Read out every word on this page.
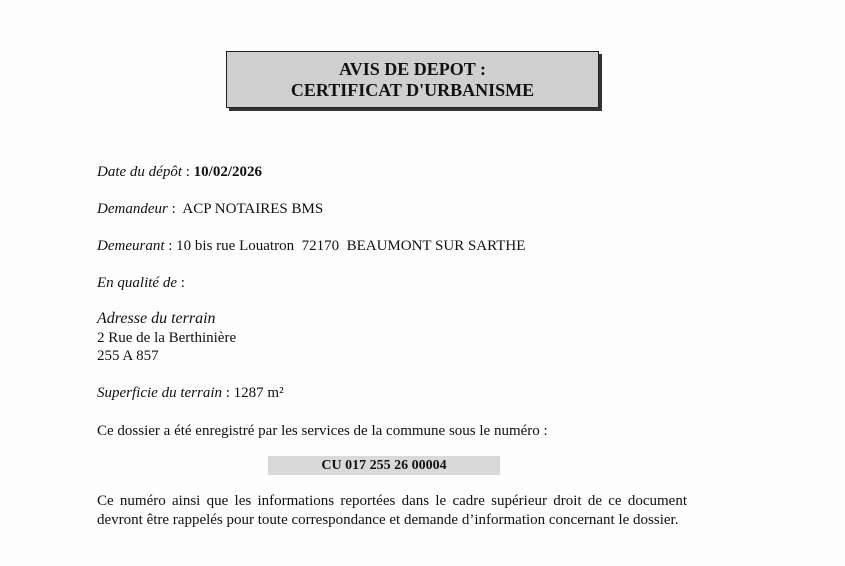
AVIS DE DEPOT :
CERTIFICAT D'URBANISME
Date du dépôt : 10/02/2026
Demandeur :  ACP NOTAIRES BMS
Demeurant : 10 bis rue Louatron  72170  BEAUMONT SUR SARTHE
En qualité de :
Adresse du terrain
2 Rue de la Berthinière
255 A 857
Superficie du terrain : 1287 m²
Ce dossier a été enregistré par les services de la commune sous le numéro :
CU 017 255 26 00004
Ce numéro ainsi que les informations reportées dans le cadre supérieur droit de ce document devront être rappelés pour toute correspondance et demande d’information concernant le dossier.
